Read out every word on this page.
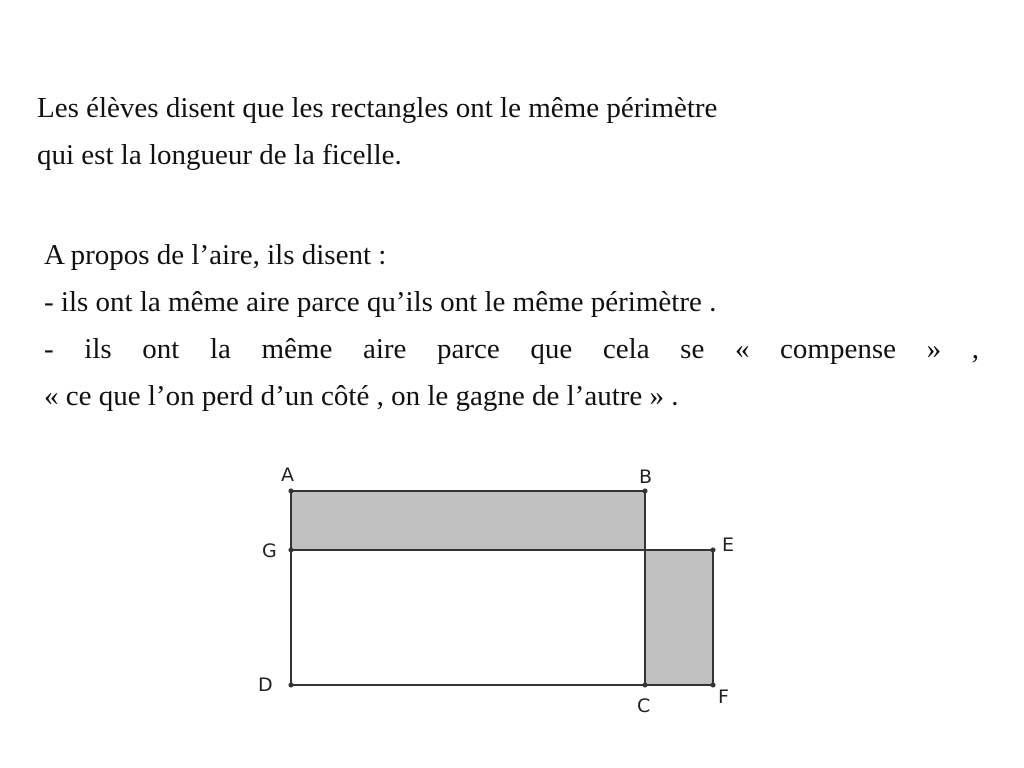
Les élèves disent que les rectangles ont le même périmètre
qui est la longueur de la ficelle.
A propos de l’aire, ils disent :
- ils ont la même aire parce qu’ils ont le même périmètre .
- ils ont la même aire parce que cela se « compense » ,
« ce que l’on perd d’un côté , on le gagne de l’autre » .
A	B
G	E
D
C	F
